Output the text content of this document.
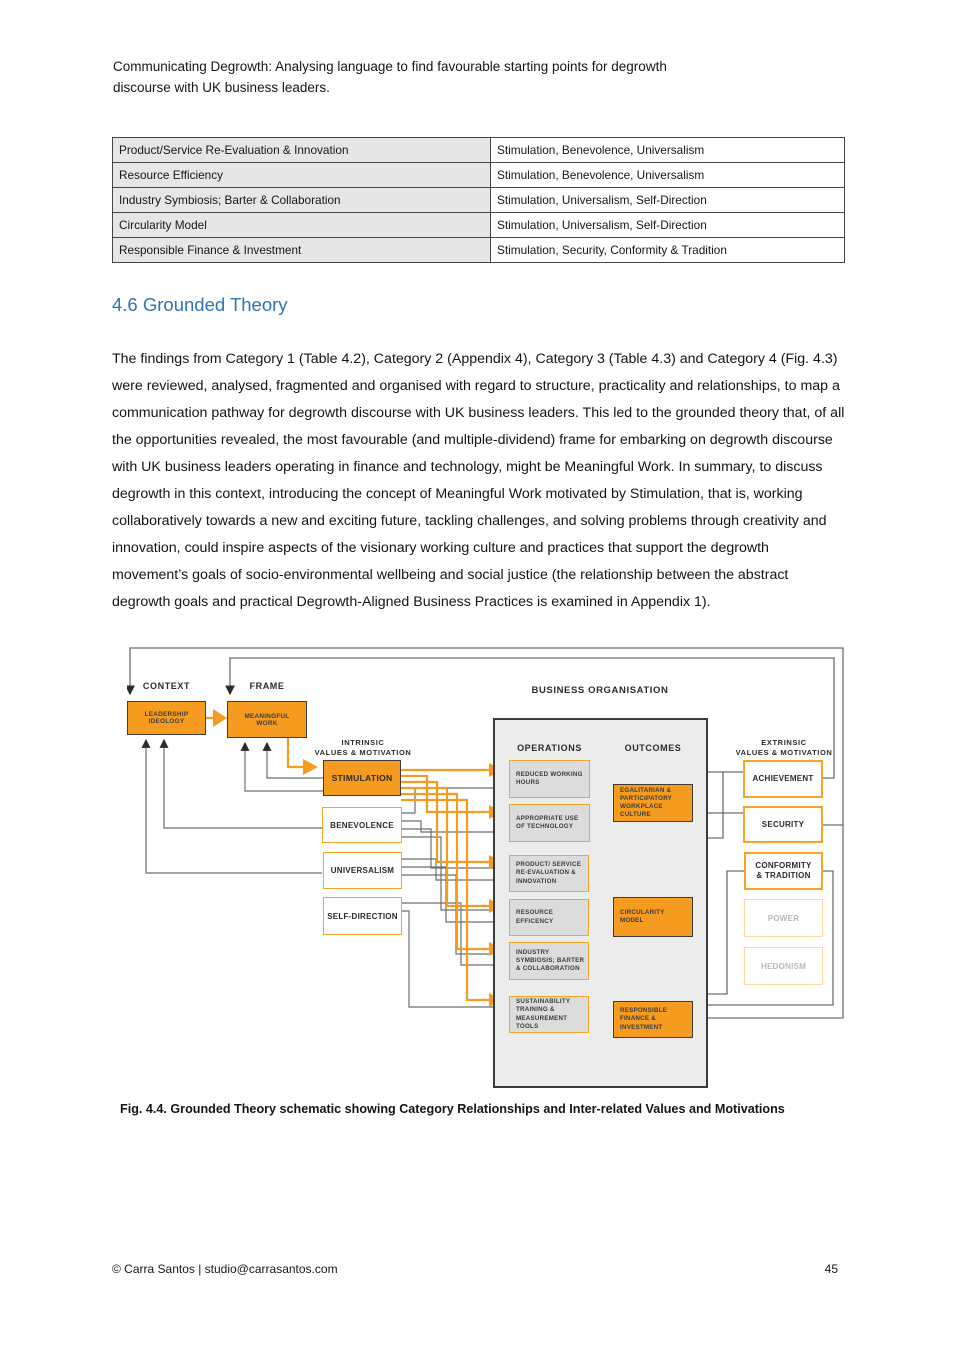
Communicating Degrowth: Analysing language to find favourable starting points for degrowth
discourse with UK business leaders.
Product/Service Re-Evaluation & Innovation	Stimulation, Benevolence, Universalism
Resource Efficiency	Stimulation, Benevolence, Universalism
Industry Symbiosis; Barter & Collaboration	Stimulation, Universalism, Self-Direction
Circularity Model	Stimulation, Universalism, Self-Direction
Responsible Finance & Investment	Stimulation, Security, Conformity & Tradition
4.6 Grounded Theory
The findings from Category 1 (Table 4.2), Category 2 (Appendix 4), Category 3 (Table 4.3) and Category 4 (Fig. 4.3) were reviewed, analysed, fragmented and organised with regard to structure, practicality and relationships, to map a communication pathway for degrowth discourse with UK business leaders. This led to the grounded theory that, of all the opportunities revealed, the most favourable (and multiple-dividend) frame for embarking on degrowth discourse with UK business leaders operating in finance and technology, might be Meaningful Work. In summary, to discuss degrowth in this context, introducing the concept of Meaningful Work motivated by Stimulation, that is, working collaboratively towards a new and exciting future, tackling challenges, and solving problems through creativity and innovation, could inspire aspects of the visionary working culture and practices that support the degrowth movement’s goals of socio-environmental wellbeing and social justice (the relationship between the abstract degrowth goals and practical Degrowth-Aligned Business Practices is examined in Appendix 1).
CONTEXT	FRAME	BUSINESS ORGANISATION
INTRINSIC
VALUES & MOTIVATION
EXTRINSIC
VALUES & MOTIVATION
OPERATIONS	OUTCOMES
LEADERSHIP IDEOLOGY
MEANINGFUL WORK
STIMULATION
BENEVOLENCE
UNIVERSALISM
SELF-DIRECTION
REDUCED WORKING HOURS
APPROPRIATE USE OF TECHNOLOGY
PRODUCT/ SERVICE RE-EVALUATION & INNOVATION
RESOURCE EFFICENCY
INDUSTRY SYMBIOSIS; BARTER & COLLABORATION
SUSTAINABILITY TRAINING & MEASUREMENT TOOLS
EGALITARIAN & PARTICIPATORY WORKPLACE CULTURE
CIRCULARITY MODEL
RESPONSIBLE FINANCE & INVESTMENT
ACHIEVEMENT
SECURITY
CONFORMITY & TRADITION
POWER
HEDONISM
Fig. 4.4. Grounded Theory schematic showing Category Relationships and Inter-related Values and Motivations
© Carra Santos | studio@carrasantos.com	45
